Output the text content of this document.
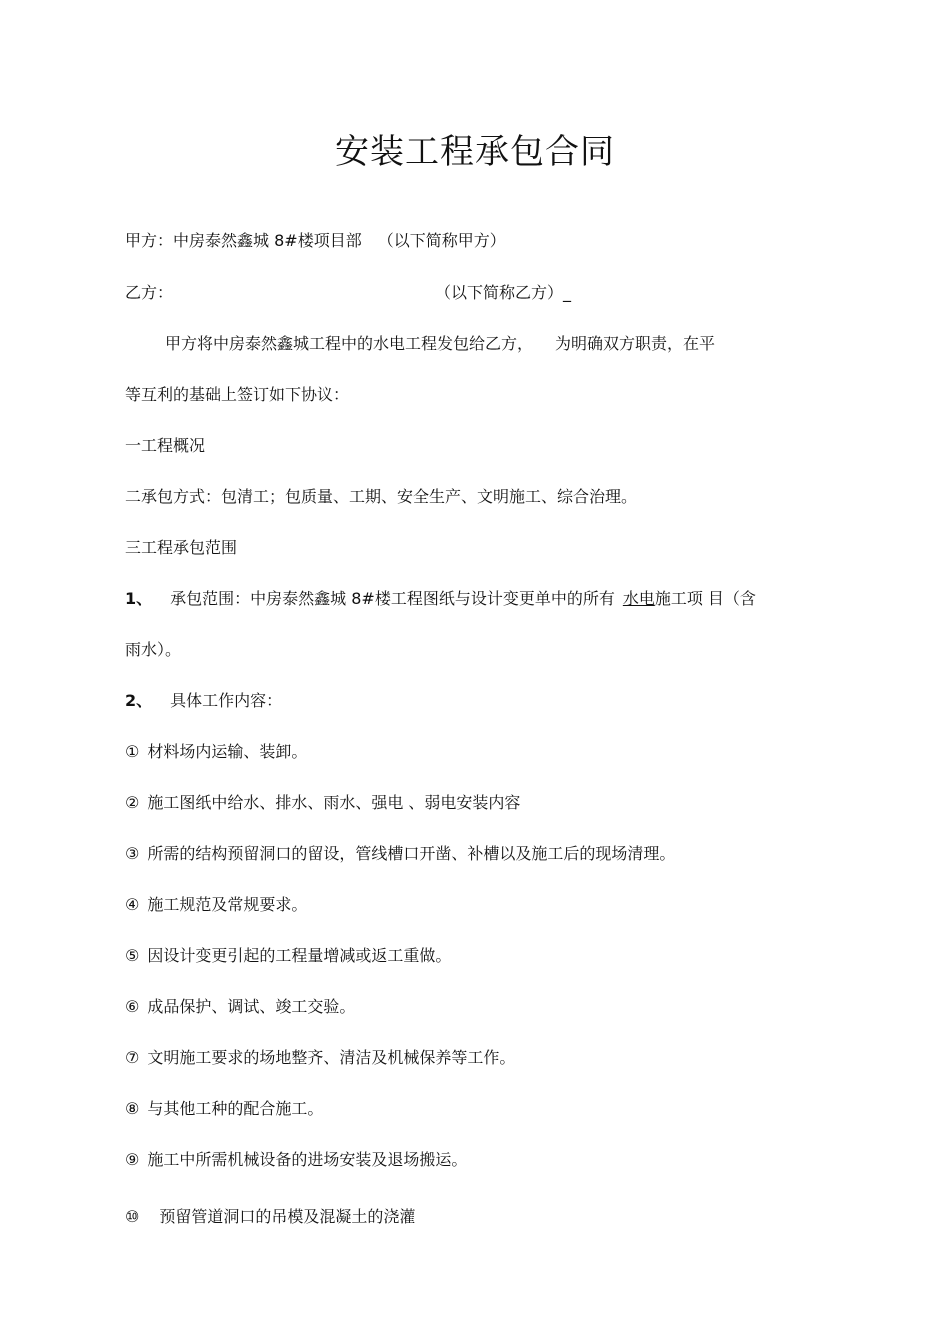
安装工程承包合同
甲方：中房泰然鑫城 8#楼项目部 （以下简称甲方）
乙方：	（以下简称乙方）_
甲方将中房泰然鑫城工程中的水电工程发包给乙方， 为明确双方职责，在平
等互利的基础上签订如下协议：
一工程概况
二承包方式：包清工；包质量、工期、安全生产、文明施工、综合治理。
三工程承包范围
1、 承包范围：中房泰然鑫城 8#楼工程图纸与设计变更单中的所有 水电施工项 目（含
雨水）。
2、 具体工作内容：
① 材料场内运输、装卸。
② 施工图纸中给水、排水、雨水、强电 、弱电安装内容
③ 所需的结构预留洞口的留设，管线槽口开凿、补槽以及施工后的现场清理。
④ 施工规范及常规要求。
⑤ 因设计变更引起的工程量增减或返工重做。
⑥ 成品保护、调试、竣工交验。
⑦ 文明施工要求的场地整齐、清洁及机械保养等工作。
⑧ 与其他工种的配合施工。
⑨ 施工中所需机械设备的进场安装及退场搬运。
⑩ 预留管道洞口的吊模及混凝土的浇灌
